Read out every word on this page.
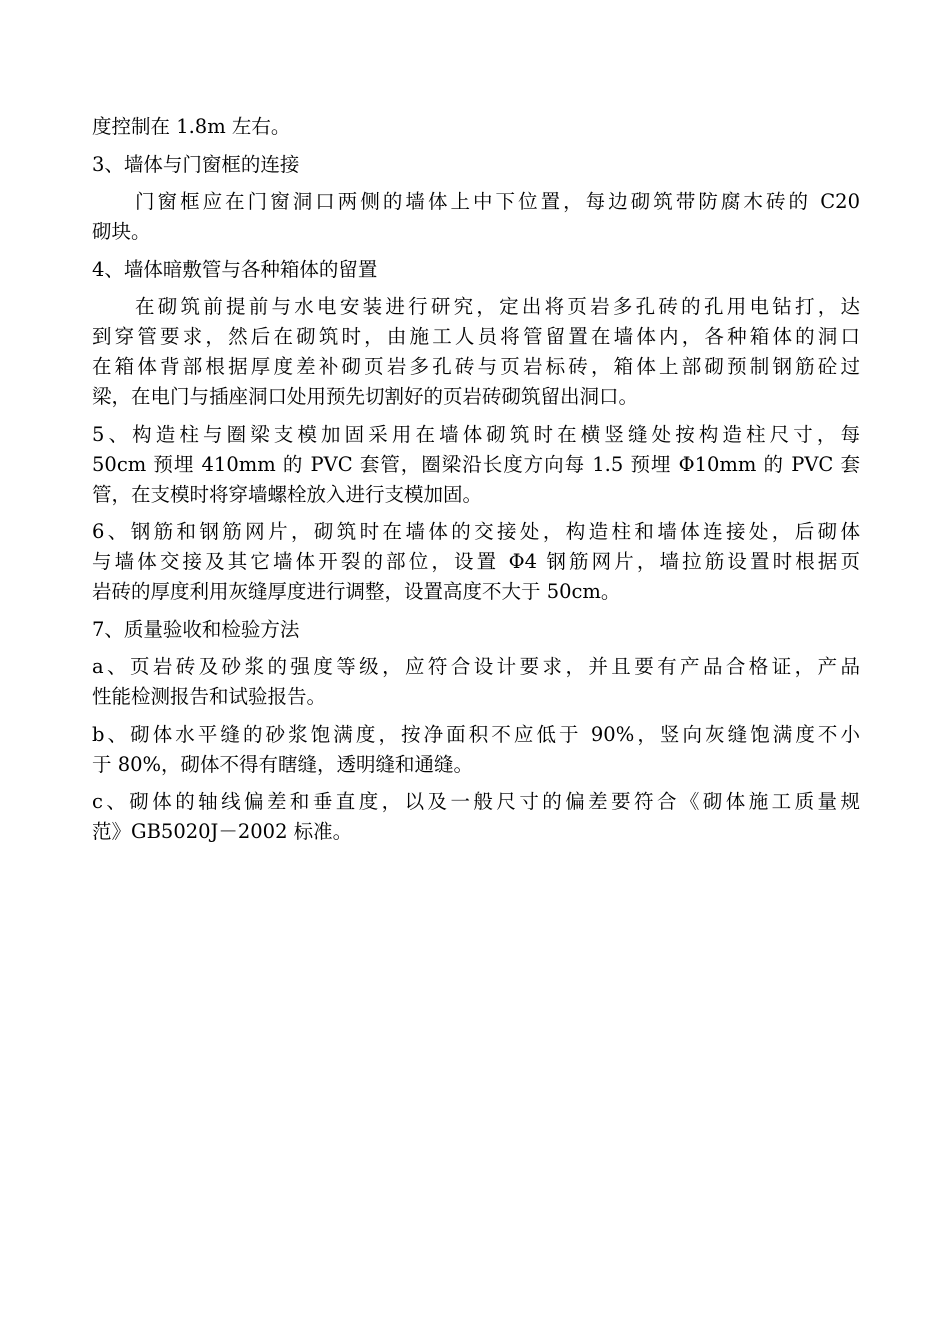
度控制在 1.8m 左右。
3、墙体与门窗框的连接
门窗框应在门窗洞口两侧的墙体上中下位置，每边砌筑带防腐木砖的 C20
砌块。
4、墙体暗敷管与各种箱体的留置
在砌筑前提前与水电安装进行研究，定出将页岩多孔砖的孔用电钻打，达
到穿管要求，然后在砌筑时，由施工人员将管留置在墙体内，各种箱体的洞口
在箱体背部根据厚度差补砌页岩多孔砖与页岩标砖，箱体上部砌预制钢筋砼过
梁，在电门与插座洞口处用预先切割好的页岩砖砌筑留出洞口。
5、构造柱与圈梁支模加固采用在墙体砌筑时在横竖缝处按构造柱尺寸，每
50cm 预埋 410mm 的 PVC 套管，圈梁沿长度方向每 1.5 预埋 Φ10mm 的 PVC 套
管，在支模时将穿墙螺栓放入进行支模加固。
6、钢筋和钢筋网片，砌筑时在墙体的交接处，构造柱和墙体连接处，后砌体
与墙体交接及其它墙体开裂的部位，设置 Φ4 钢筋网片，墙拉筋设置时根据页
岩砖的厚度利用灰缝厚度进行调整，设置高度不大于 50cm。
7、质量验收和检验方法
a、页岩砖及砂浆的强度等级，应符合设计要求，并且要有产品合格证，产品
性能检测报告和试验报告。
b、砌体水平缝的砂浆饱满度，按净面积不应低于 90%，竖向灰缝饱满度不小
于 80%，砌体不得有瞎缝，透明缝和通缝。
c、砌体的轴线偏差和垂直度，以及一般尺寸的偏差要符合《砌体施工质量规
范》GB5020J－2002 标准。
